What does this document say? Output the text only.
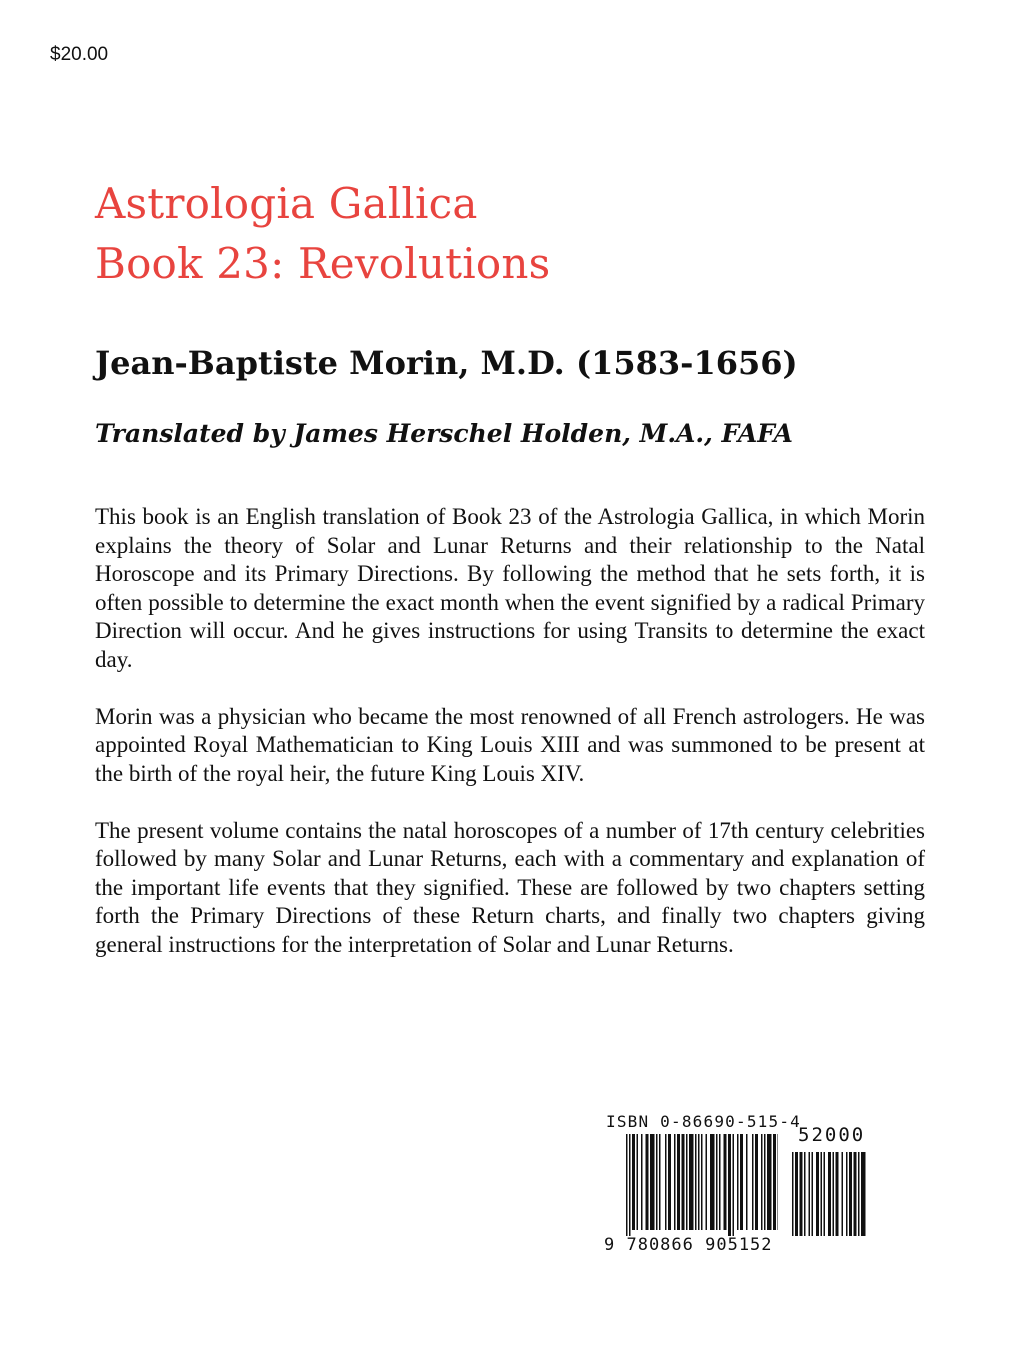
$20.00
Astrologia Gallica
Book 23: Revolutions
Jean-Baptiste Morin, M.D. (1583-1656)
Translated by James Herschel Holden, M.A., FAFA

This book is an English translation of Book 23 of the Astrologia Gallica, in which Morin explains the theory of Solar and Lunar Returns and their relationship to the Natal Horoscope and its Primary Directions. By following the method that he sets forth, it is often possible to determine the exact month when the event signified by a radical Primary Direction will occur. And he gives instructions for using Transits to determine the exact day.

Morin was a physician who became the most renowned of all French astrologers. He was appointed Royal Mathematician to King Louis XIII and was summoned to be present at the birth of the royal heir, the future King Louis XIV.

The present volume contains the natal horoscopes of a number of 17th century celebrities followed by many Solar and Lunar Returns, each with a commentary and explanation of the important life events that they signified. These are followed by two chapters setting forth the Primary Directions of these Return charts, and finally two chapters giving general instructions for the interpretation of Solar and Lunar Returns.

ISBN 0-86690-515-4
52000
9 780866 905152
